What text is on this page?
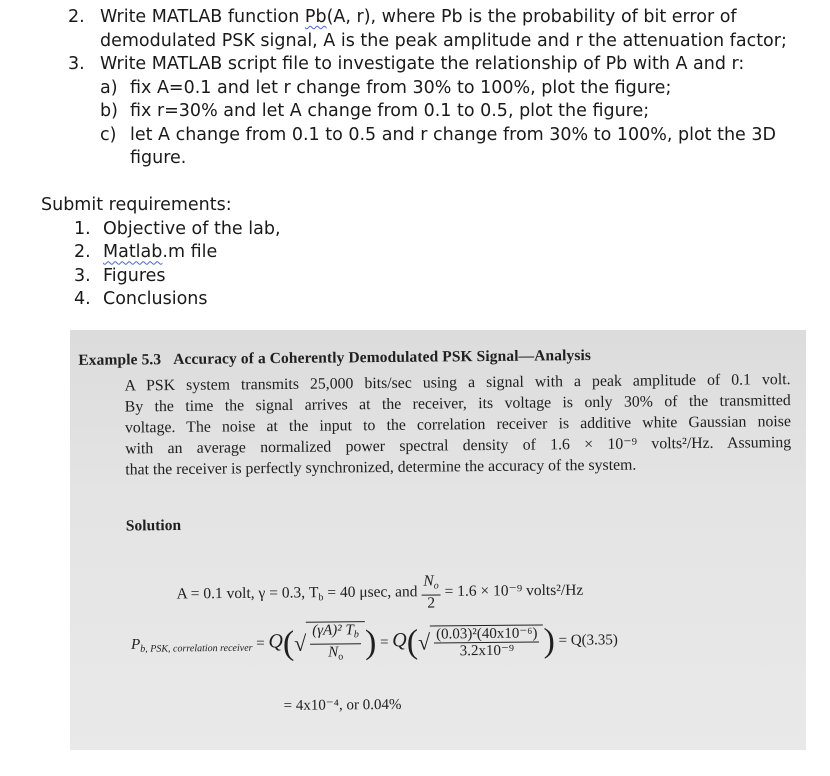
2. Write MATLAB function Pb(A, r), where Pb is the probability of bit error of
demodulated PSK signal, A is the peak amplitude and r the attenuation factor;
3. Write MATLAB script file to investigate the relationship of Pb with A and r:
a) fix A=0.1 and let r change from 30% to 100%, plot the figure;
b) fix r=30% and let A change from 0.1 to 0.5, plot the figure;
c) let A change from 0.1 to 0.5 and r change from 30% to 100%, plot the 3D
figure.
Submit requirements:
1. Objective of the lab,
2. Matlab.m file
3. Figures
4. Conclusions
Example 5.3 Accuracy of a Coherently Demodulated PSK Signal—Analysis
A PSK system transmits 25,000 bits/sec using a signal with a peak amplitude of 0.1 volt.
By the time the signal arrives at the receiver, its voltage is only 30% of the transmitted
voltage. The noise at the input to the correlation receiver is additive white Gaussian noise
with an average normalized power spectral density of 1.6 × 10⁻⁹ volts²/Hz. Assuming
that the receiver is perfectly synchronized, determine the accuracy of the system.
Solution
A = 0.1 volt, γ = 0.3, $T_b = 40$ μsec, and $\frac{N_o}{2} = 1.6 \times 10^{-9}$ volts²/Hz
$P_{b, PSK, correlation receiver} = Q(√ \frac{(\gamma A)^2 T_b}{N_o}$ ) = $Q(√ \frac{\text{(0.03)²(40x10⁻⁶)}}{\text{3.2x10⁻⁹}}$ ) = Q(3.35)
= 4x10⁻⁴, or 0.04%
